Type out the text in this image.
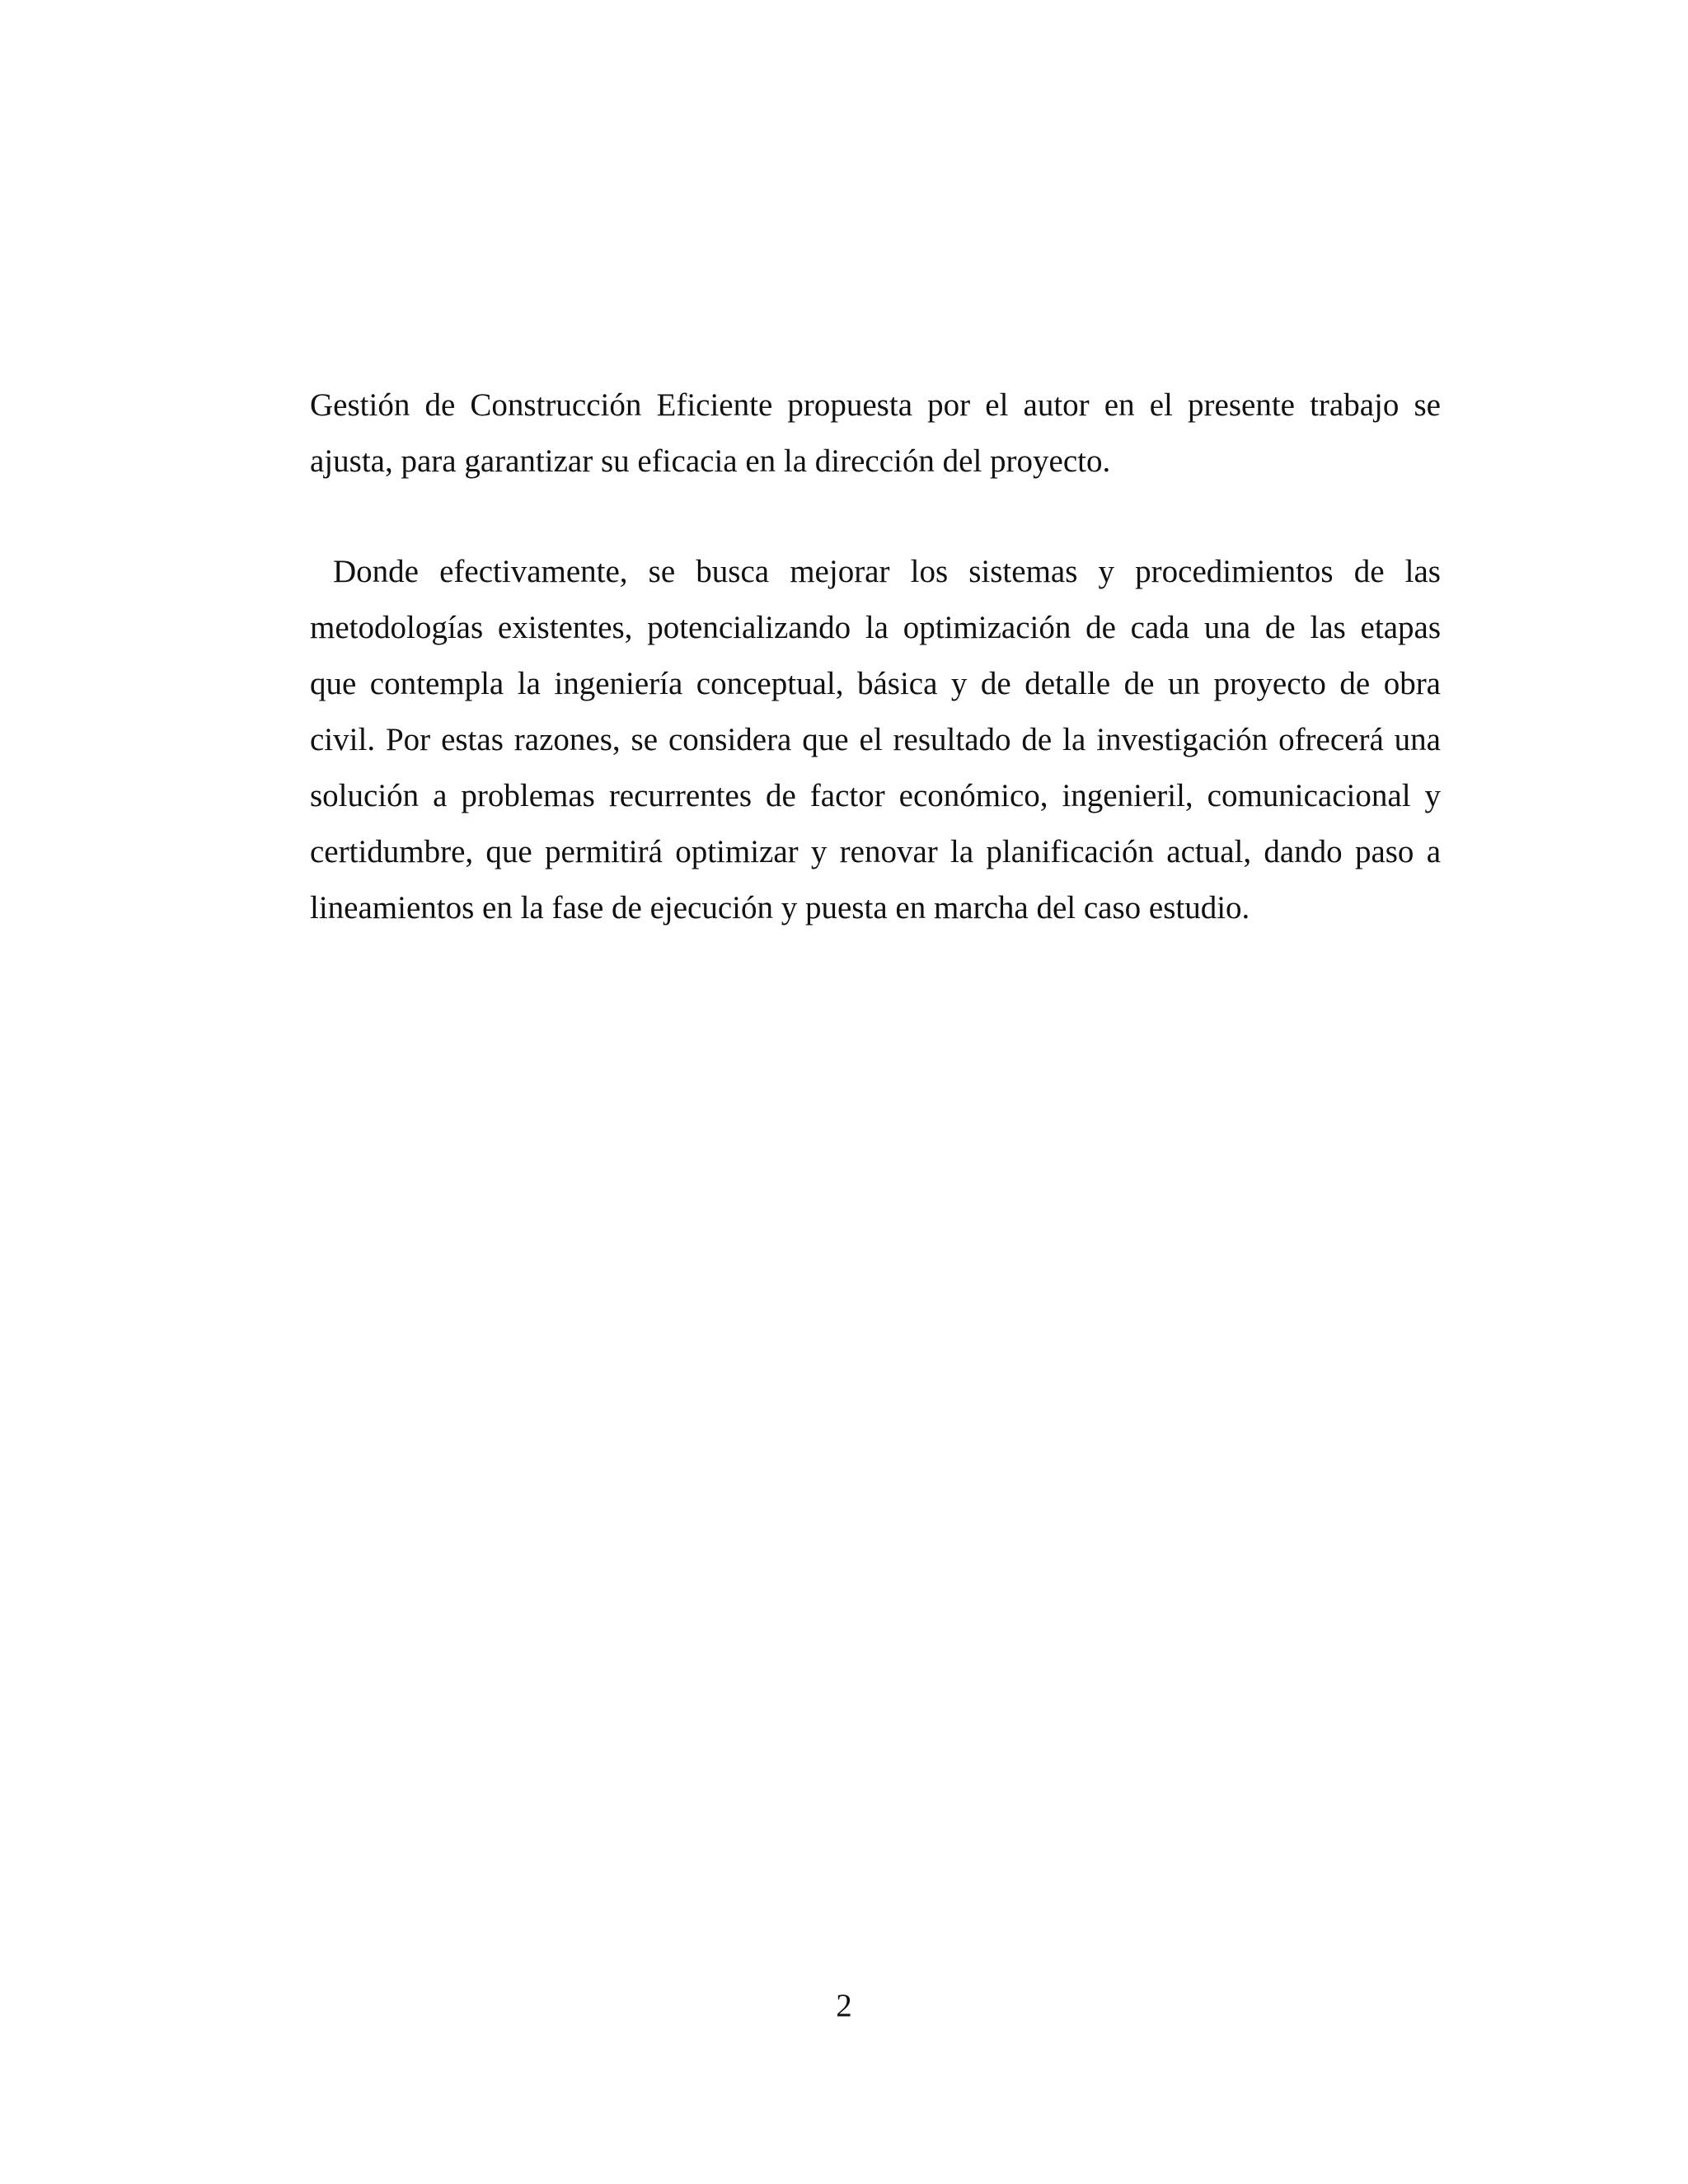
Gestión de Construcción Eficiente propuesta por el autor en el presente trabajo se
ajusta, para garantizar su eficacia en la dirección del proyecto.
Donde efectivamente, se busca mejorar los sistemas y procedimientos de las
metodologías existentes, potencializando la optimización de cada una de las etapas
que contempla la ingeniería conceptual, básica y de detalle de un proyecto de obra
civil. Por estas razones, se considera que el resultado de la investigación ofrecerá una
solución a problemas recurrentes de factor económico, ingenieril, comunicacional y
certidumbre, que permitirá optimizar y renovar la planificación actual, dando paso a
lineamientos en la fase de ejecución y puesta en marcha del caso estudio.
2
